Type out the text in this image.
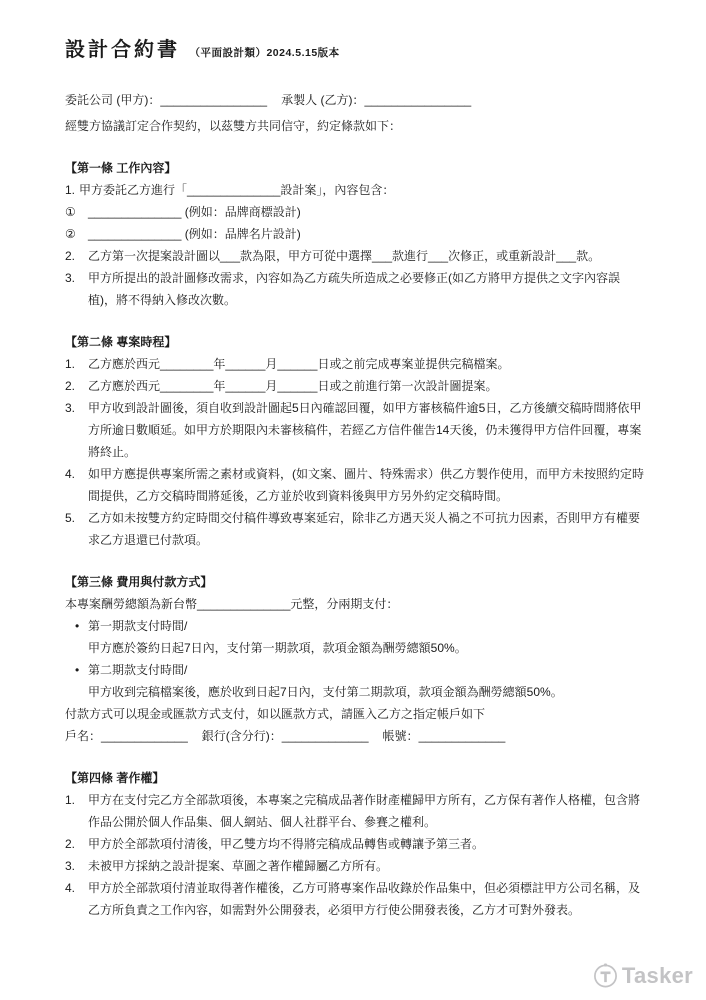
設計合約書 （平面設計類）2024.5.15版本
委託公司 (甲方)：________________ 承製人 (乙方)：________________
經雙方協議訂定合作契約，以茲雙方共同信守，約定條款如下：
【第一條 工作內容】
1. 甲方委託乙方進行「______________設計案」，內容包含：
①	______________ (例如：品牌商標設計)
②	______________ (例如：品牌名片設計)
2.	乙方第一次提案設計圖以___款為限，甲方可從中選擇___款進行___次修正，或重新設計___款。
3.	甲方所提出的設計圖修改需求，內容如為乙方疏失所造成之必要修正(如乙方將甲方提供之文字內容誤植)，將不得納入修改次數。
【第二條 專案時程】
1.	乙方應於西元________年______月______日或之前完成專案並提供完稿檔案。
2.	乙方應於西元________年______月______日或之前進行第一次設計圖提案。
3.	甲方收到設計圖後，須自收到設計圖起5日內確認回覆，如甲方審核稿件逾5日，乙方後續交稿時間將依甲方所逾日數順延。如甲方於期限內未審核稿件，若經乙方信件催告14天後，仍未獲得甲方信件回覆，專案將終止。
4.	如甲方應提供專案所需之素材或資料，(如文案、圖片、特殊需求）供乙方製作使用，而甲方未按照約定時間提供，乙方交稿時間將延後，乙方並於收到資料後與甲方另外約定交稿時間。
5.	乙方如未按雙方約定時間交付稿件導致專案延宕，除非乙方遇天災人禍之不可抗力因素，否則甲方有權要求乙方退還已付款項。
【第三條 費用與付款方式】
本專案酬勞總額為新台幣______________元整，分兩期支付：
• 第一期款支付時間/
甲方應於簽約日起7日內，支付第一期款項，款項金額為酬勞總額50%。
• 第二期款支付時間/
甲方收到完稿檔案後，應於收到日起7日內，支付第二期款項，款項金額為酬勞總額50%。
付款方式可以現金或匯款方式支付，如以匯款方式，請匯入乙方之指定帳戶如下
戶名：_____________ 銀行(含分行)：_____________ 帳號：_____________
【第四條 著作權】
1.	甲方在支付完乙方全部款項後，本專案之完稿成品著作財產權歸甲方所有，乙方保有著作人格權，包含將作品公開於個人作品集、個人網站、個人社群平台、參賽之權利。
2.	甲方於全部款項付清後，甲乙雙方均不得將完稿成品轉售或轉讓予第三者。
3.	未被甲方採納之設計提案、草圖之著作權歸屬乙方所有。
4.	甲方於全部款項付清並取得著作權後，乙方可將專案作品收錄於作品集中，但必須標註甲方公司名稱，及乙方所負責之工作內容，如需對外公開發表，必須甲方行使公開發表後，乙方才可對外發表。
Tasker
